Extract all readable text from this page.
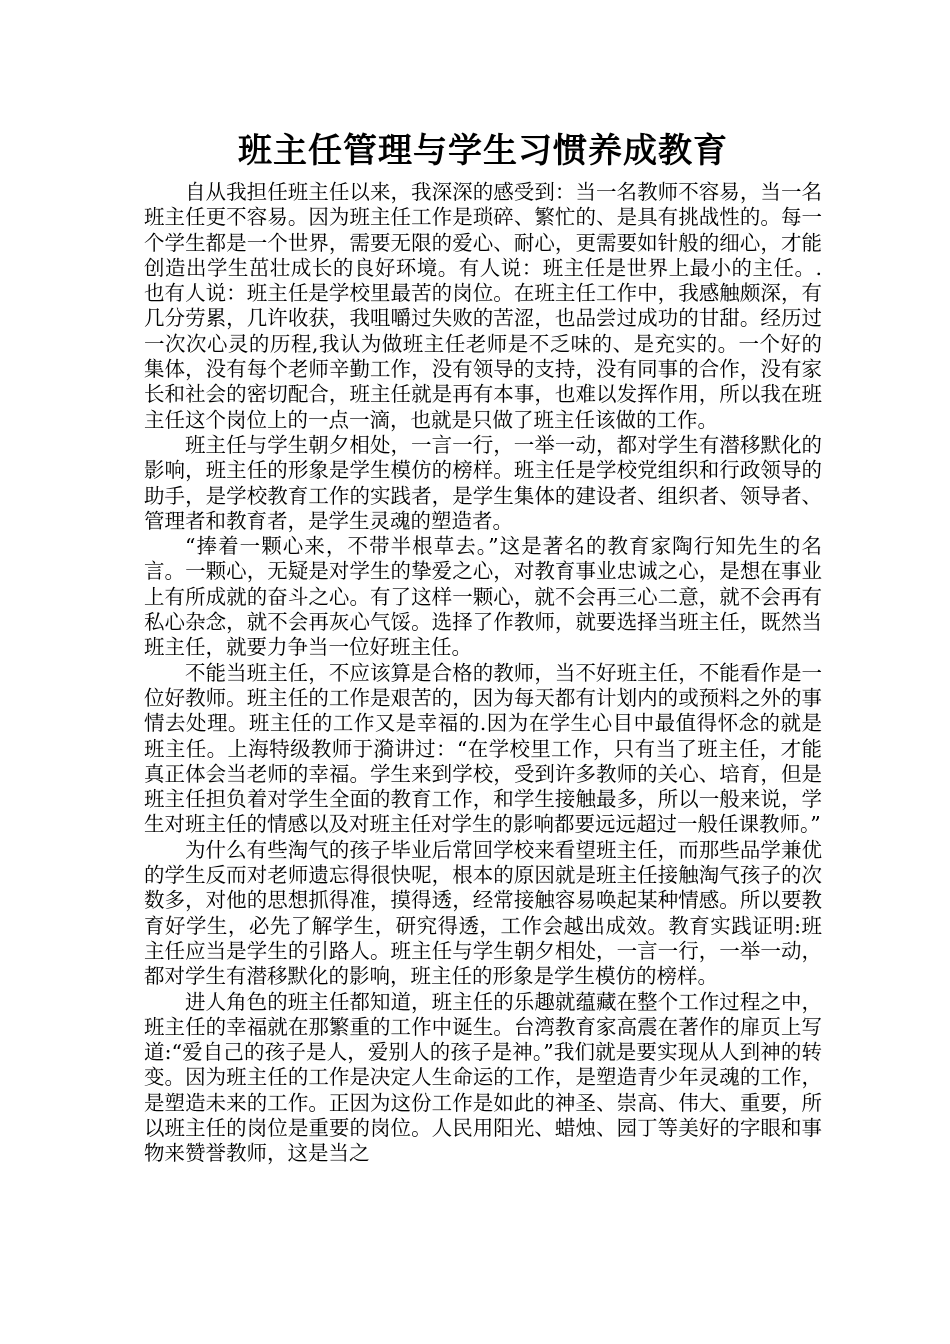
班主任管理与学生习惯养成教育

自从我担任班主任以来，我深深的感受到：当一名教师不容易，当一名班主任更不容易。因为班主任工作是琐碎、繁忙的、是具有挑战性的。每一个学生都是一个世界，需要无限的爱心、耐心，更需要如针般的细心，才能创造出学生茁壮成长的良好环境。有人说：班主任是世界上最小的主任。.也有人说：班主任是学校里最苦的岗位。在班主任工作中，我感触颇深，有几分劳累，几许收获，我咀嚼过失败的苦涩，也品尝过成功的甘甜。经历过一次次心灵的历程,我认为做班主任老师是不乏味的、是充实的。一个好的集体，没有每个老师辛勤工作，没有领导的支持，没有同事的合作，没有家长和社会的密切配合，班主任就是再有本事，也难以发挥作用，所以我在班主任这个岗位上的一点一滴，也就是只做了班主任该做的工作。

班主任与学生朝夕相处，一言一行，一举一动，都对学生有潜移默化的影响，班主任的形象是学生模仿的榜样。班主任是学校党组织和行政领导的助手，是学校教育工作的实践者，是学生集体的建设者、组织者、领导者、管理者和教育者，是学生灵魂的塑造者。

“捧着一颗心来，不带半根草去。”这是著名的教育家陶行知先生的名言。一颗心，无疑是对学生的挚爱之心，对教育事业忠诚之心，是想在事业上有所成就的奋斗之心。有了这样一颗心，就不会再三心二意，就不会再有私心杂念，就不会再灰心气馁。选择了作教师，就要选择当班主任，既然当班主任，就要力争当一位好班主任。

不能当班主任，不应该算是合格的教师，当不好班主任，不能看作是一位好教师。班主任的工作是艰苦的，因为每天都有计划内的或预料之外的事情去处理。班主任的工作又是幸福的.因为在学生心目中最值得怀念的就是班主任。上海特级教师于漪讲过：“在学校里工作，只有当了班主任，才能真正体会当老师的幸福。学生来到学校，受到许多教师的关心、培育，但是班主任担负着对学生全面的教育工作，和学生接触最多，所以一般来说，学生对班主任的情感以及对班主任对学生的影响都要远远超过一般任课教师。”

为什么有些淘气的孩子毕业后常回学校来看望班主任，而那些品学兼优的学生反而对老师遗忘得很快呢，根本的原因就是班主任接触淘气孩子的次数多，对他的思想抓得准，摸得透，经常接触容易唤起某种情感。所以要教育好学生，必先了解学生，研究得透，工作会越出成效。教育实践证明:班主任应当是学生的引路人。班主任与学生朝夕相处，一言一行，一举一动，都对学生有潜移默化的影响，班主任的形象是学生模仿的榜样。

进人角色的班主任都知道，班主任的乐趣就蕴藏在整个工作过程之中，班主任的幸福就在那繁重的工作中诞生。台湾教育家高震在著作的扉页上写道:“爱自己的孩子是人，爱别人的孩子是神。”我们就是要实现从人到神的转变。因为班主任的工作是决定人生命运的工作，是塑造青少年灵魂的工作，是塑造未来的工作。正因为这份工作是如此的神圣、崇高、伟大、重要，所以班主任的岗位是重要的岗位。人民用阳光、蜡烛、园丁等美好的字眼和事物来赞誉教师，这是当之
